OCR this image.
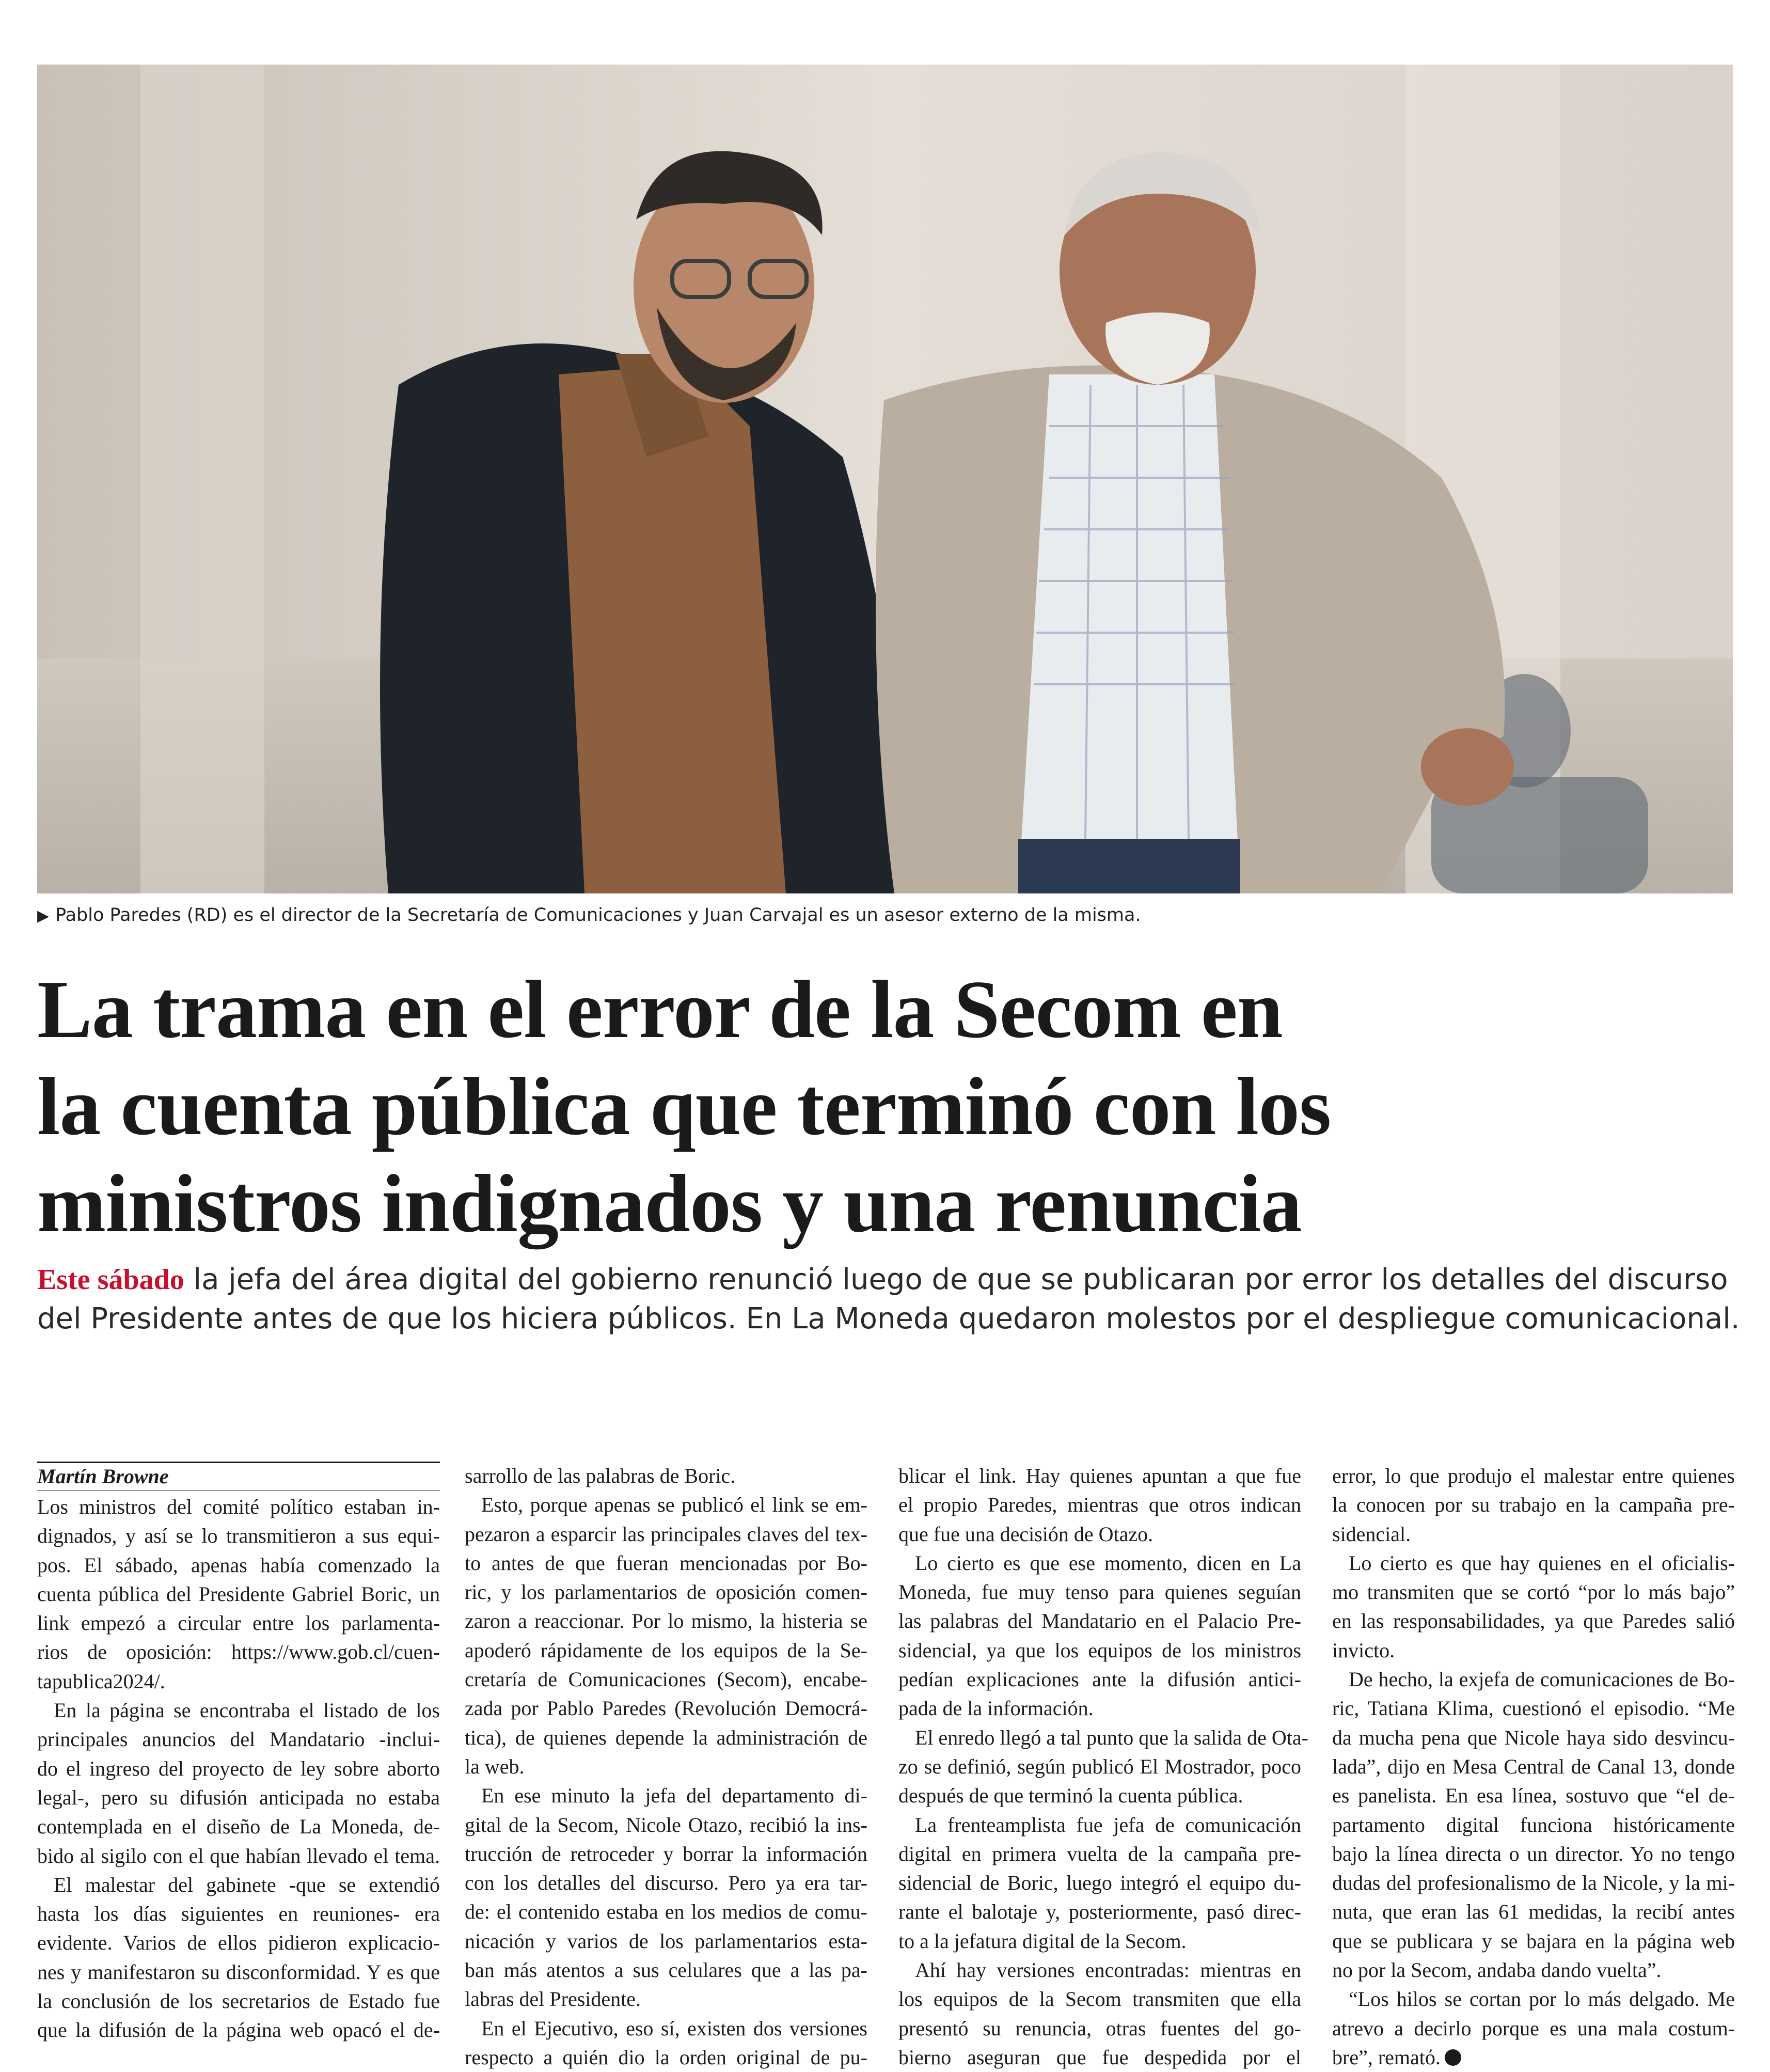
▶ Pablo Paredes (RD) es el director de la Secretaría de Comunicaciones y Juan Carvajal es un asesor externo de la misma.
La trama en el error de la Secom en
la cuenta pública que terminó con los
ministros indignados y una renuncia

Este sábado la jefa del área digital del gobierno renunció luego de que se publicaran por error los detalles del discurso
del Presidente antes de que los hiciera públicos. En La Moneda quedaron molestos por el despliegue comunicacional.

Martín Browne
Los ministros del comité político estaban in-
dignados, y así se lo transmitieron a sus equi-
pos. El sábado, apenas había comenzado la
cuenta pública del Presidente Gabriel Boric, un
link empezó a circular entre los parlamenta-
rios de oposición: https://www.gob.cl/cuen-
tapublica2024/.
En la página se encontraba el listado de los
principales anuncios del Mandatario -inclui-
do el ingreso del proyecto de ley sobre aborto
legal-, pero su difusión anticipada no estaba
contemplada en el diseño de La Moneda, de-
bido al sigilo con el que habían llevado el tema.
El malestar del gabinete -que se extendió
hasta los días siguientes en reuniones- era
evidente. Varios de ellos pidieron explicacio-
nes y manifestaron su disconformidad. Y es que
la conclusión de los secretarios de Estado fue
que la difusión de la página web opacó el de-
sarrollo de las palabras de Boric.
Esto, porque apenas se publicó el link se em-
pezaron a esparcir las principales claves del tex-
to antes de que fueran mencionadas por Bo-
ric, y los parlamentarios de oposición comen-
zaron a reaccionar. Por lo mismo, la histeria se
apoderó rápidamente de los equipos de la Se-
cretaría de Comunicaciones (Secom), encabe-
zada por Pablo Paredes (Revolución Democrá-
tica), de quienes depende la administración de
la web.
En ese minuto la jefa del departamento di-
gital de la Secom, Nicole Otazo, recibió la ins-
trucción de retroceder y borrar la información
con los detalles del discurso. Pero ya era tar-
de: el contenido estaba en los medios de comu-
nicación y varios de los parlamentarios esta-
ban más atentos a sus celulares que a las pa-
labras del Presidente.
En el Ejecutivo, eso sí, existen dos versiones
respecto a quién dio la orden original de pu-
blicar el link. Hay quienes apuntan a que fue
el propio Paredes, mientras que otros indican
que fue una decisión de Otazo.
Lo cierto es que ese momento, dicen en La
Moneda, fue muy tenso para quienes seguían
las palabras del Mandatario en el Palacio Pre-
sidencial, ya que los equipos de los ministros
pedían explicaciones ante la difusión antici-
pada de la información.
El enredo llegó a tal punto que la salida de Ota-
zo se definió, según publicó El Mostrador, poco
después de que terminó la cuenta pública.
La frenteamplista fue jefa de comunicación
digital en primera vuelta de la campaña pre-
sidencial de Boric, luego integró el equipo du-
rante el balotaje y, posteriormente, pasó direc-
to a la jefatura digital de la Secom.
Ahí hay versiones encontradas: mientras en
los equipos de la Secom transmiten que ella
presentó su renuncia, otras fuentes del go-
bierno aseguran que fue despedida por el
error, lo que produjo el malestar entre quienes
la conocen por su trabajo en la campaña pre-
sidencial.
Lo cierto es que hay quienes en el oficialis-
mo transmiten que se cortó “por lo más bajo”
en las responsabilidades, ya que Paredes salió
invicto.
De hecho, la exjefa de comunicaciones de Bo-
ric, Tatiana Klima, cuestionó el episodio. “Me
da mucha pena que Nicole haya sido desvincu-
lada”, dijo en Mesa Central de Canal 13, donde
es panelista. En esa línea, sostuvo que “el de-
partamento digital funciona históricamente
bajo la línea directa o un director. Yo no tengo
dudas del profesionalismo de la Nicole, y la mi-
nuta, que eran las 61 medidas, la recibí antes
que se publicara y se bajara en la página web
no por la Secom, andaba dando vuelta”.
“Los hilos se cortan por lo más delgado. Me
atrevo a decirlo porque es una mala costum-
bre”, rematό.
